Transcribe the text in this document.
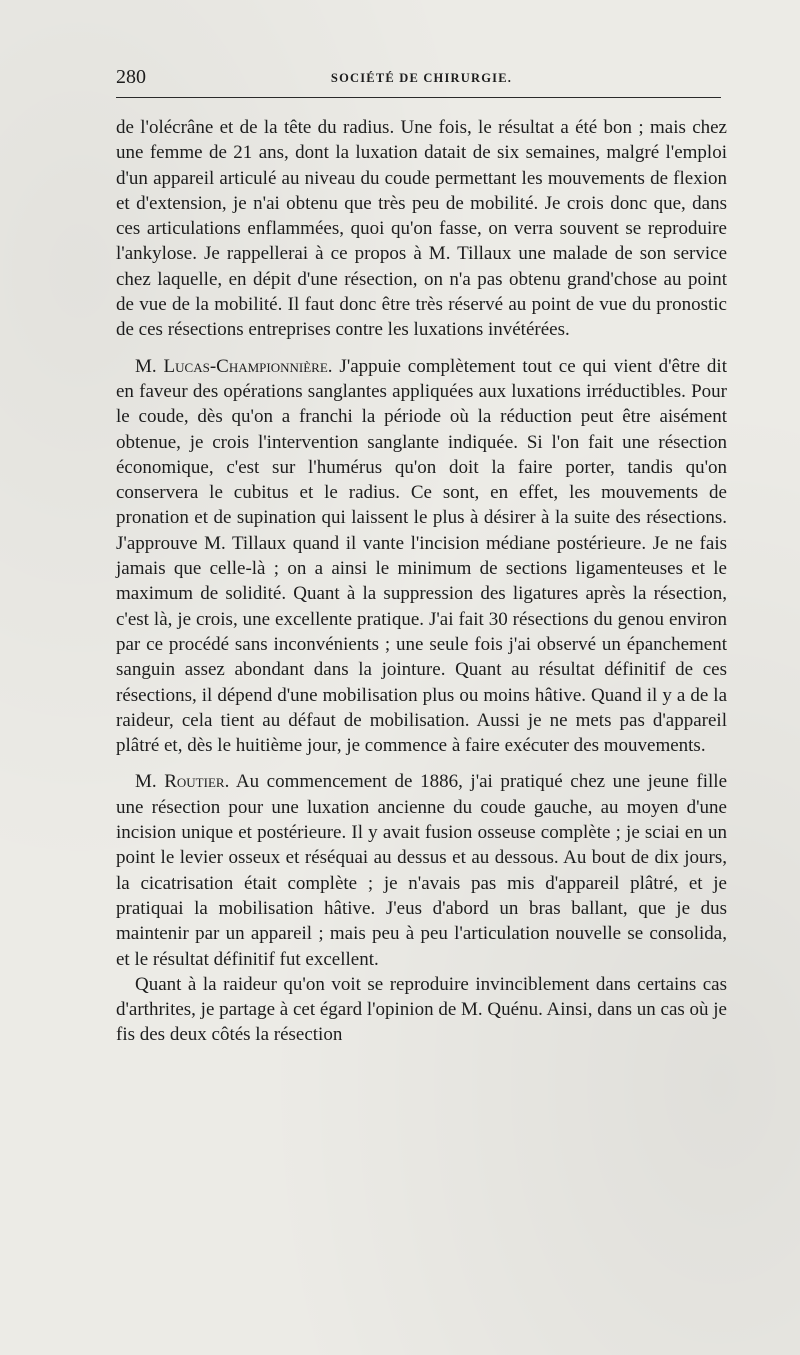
280	SOCIÉTÉ DE CHIRURGIE.

de l'olécrâne et de la tête du radius. Une fois, le résultat a été bon ; mais chez une femme de 21 ans, dont la luxation datait de six semaines, malgré l'emploi d'un appareil articulé au niveau du coude permettant les mouvements de flexion et d'extension, je n'ai obtenu que très peu de mobilité. Je crois donc que, dans ces articulations enflammées, quoi qu'on fasse, on verra souvent se reproduire l'ankylose. Je rappellerai à ce propos à M. Tillaux une malade de son service chez laquelle, en dépit d'une résection, on n'a pas obtenu grand'chose au point de vue de la mobilité. Il faut donc être très réservé au point de vue du pronostic de ces résections entreprises contre les luxations invétérées.

M. Lucas-Championnière. J'appuie complètement tout ce qui vient d'être dit en faveur des opérations sanglantes appliquées aux luxations irréductibles. Pour le coude, dès qu'on a franchi la période où la réduction peut être aisément obtenue, je crois l'intervention sanglante indiquée. Si l'on fait une résection économique, c'est sur l'humérus qu'on doit la faire porter, tandis qu'on conservera le cubitus et le radius. Ce sont, en effet, les mouvements de pronation et de supination qui laissent le plus à désirer à la suite des résections. J'approuve M. Tillaux quand il vante l'incision médiane postérieure. Je ne fais jamais que celle-là ; on a ainsi le minimum de sections ligamenteuses et le maximum de solidité. Quant à la suppression des ligatures après la résection, c'est là, je crois, une excellente pratique. J'ai fait 30 résections du genou environ par ce procédé sans inconvénients ; une seule fois j'ai observé un épanchement sanguin assez abondant dans la jointure. Quant au résultat définitif de ces résections, il dépend d'une mobilisation plus ou moins hâtive. Quand il y a de la raideur, cela tient au défaut de mobilisation. Aussi je ne mets pas d'appareil plâtré et, dès le huitième jour, je commence à faire exécuter des mouvements.

M. Routier. Au commencement de 1886, j'ai pratiqué chez une jeune fille une résection pour une luxation ancienne du coude gauche, au moyen d'une incision unique et postérieure. Il y avait fusion osseuse complète ; je sciai en un point le levier osseux et réséquai au dessus et au dessous. Au bout de dix jours, la cicatrisation était complète ; je n'avais pas mis d'appareil plâtré, et je pratiquai la mobilisation hâtive. J'eus d'abord un bras ballant, que je dus maintenir par un appareil ; mais peu à peu l'articulation nouvelle se consolida, et le résultat définitif fut excellent.

Quant à la raideur qu'on voit se reproduire invinciblement dans certains cas d'arthrites, je partage à cet égard l'opinion de M. Quénu. Ainsi, dans un cas où je fis des deux côtés la résection
